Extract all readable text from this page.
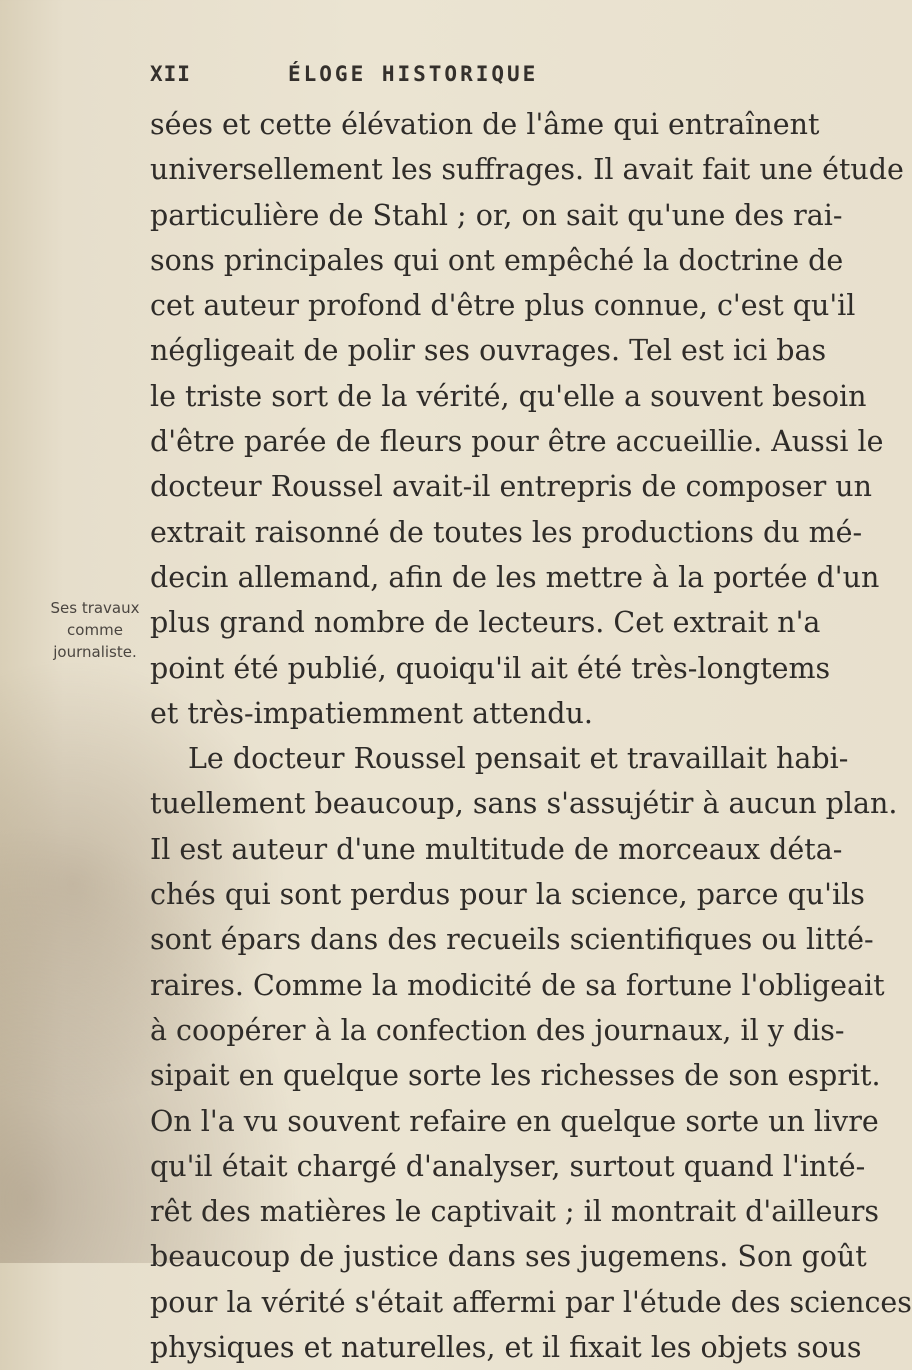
XII	ÉLOGE HISTORIQUE
Ses travaux
comme
journaliste.
sées et cette élévation de l'âme qui entraînent
universellement les suffrages. Il avait fait une étude
particulière de Stahl ; or, on sait qu'une des rai-
sons principales qui ont empêché la doctrine de
cet auteur profond d'être plus connue, c'est qu'il
négligeait de polir ses ouvrages. Tel est ici bas
le triste sort de la vérité, qu'elle a souvent besoin
d'être parée de fleurs pour être accueillie. Aussi le
docteur Roussel avait-il entrepris de composer un
extrait raisonné de toutes les productions du mé-
decin allemand, afin de les mettre à la portée d'un
plus grand nombre de lecteurs. Cet extrait n'a
point été publié, quoiqu'il ait été très-longtems
et très-impatiemment attendu.
Le docteur Roussel pensait et travaillait habi-
tuellement beaucoup, sans s'assujétir à aucun plan.
Il est auteur d'une multitude de morceaux déta-
chés qui sont perdus pour la science, parce qu'ils
sont épars dans des recueils scientifiques ou litté-
raires. Comme la modicité de sa fortune l'obligeait
à coopérer à la confection des journaux, il y dis-
sipait en quelque sorte les richesses de son esprit.
On l'a vu souvent refaire en quelque sorte un livre
qu'il était chargé d'analyser, surtout quand l'inté-
rêt des matières le captivait ; il montrait d'ailleurs
beaucoup de justice dans ses jugemens. Son goût
pour la vérité s'était affermi par l'étude des sciences
physiques et naturelles, et il fixait les objets sous
